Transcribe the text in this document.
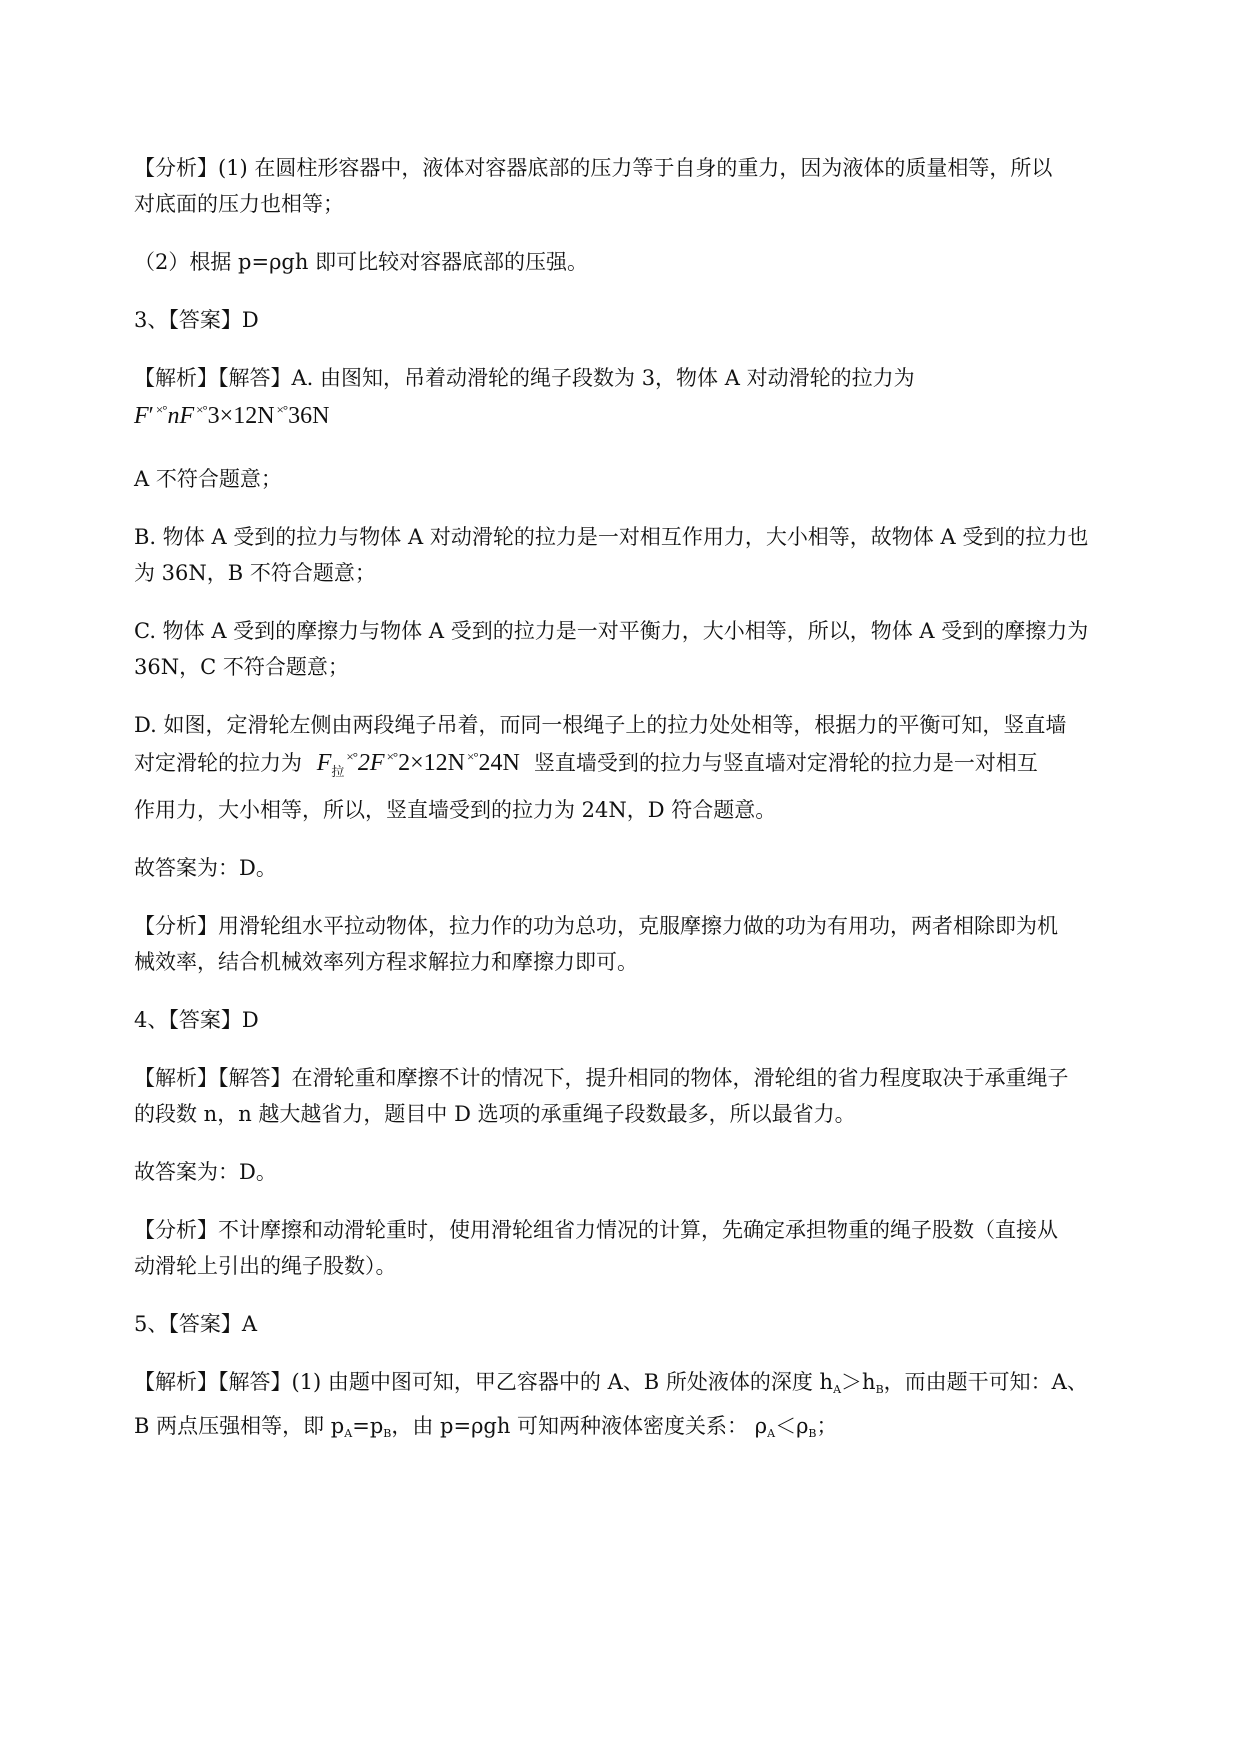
【分析】(1) 在圆柱形容器中，液体对容器底部的压力等于自身的重力，因为液体的质量相等，所以
对底面的压力也相等；

（2）根据 p=ρgh 即可比较对容器底部的压强。

3、【答案】D

【解析】【解答】A. 由图知，吊着动滑轮的绳子段数为 3，物体 A 对动滑轮的拉力为

F′ ×°nF ×°3×12N ×°36N

A 不符合题意；

B. 物体 A 受到的拉力与物体 A 对动滑轮的拉力是一对相互作用力，大小相等，故物体 A 受到的拉力也
为 36N，B 不符合题意；

C. 物体 A 受到的摩擦力与物体 A 受到的拉力是一对平衡力，大小相等，所以，物体 A 受到的摩擦力为
36N，C 不符合题意；

D. 如图，定滑轮左侧由两段绳子吊着，而同一根绳子上的拉力处处相等，根据力的平衡可知，竖直墙
对定滑轮的拉力为 $F_拉^{\times^\circ}2F$ ×°2×12N ×°24N 竖直墙受到的拉力与竖直墙对定滑轮的拉力是一对相互
作用力，大小相等，所以，竖直墙受到的拉力为 24N，D 符合题意。

故答案为：D。

【分析】用滑轮组水平拉动物体，拉力作的功为总功，克服摩擦力做的功为有用功，两者相除即为机
械效率，结合机械效率列方程求解拉力和摩擦力即可。

4、【答案】D

【解析】【解答】在滑轮重和摩擦不计的情况下，提升相同的物体，滑轮组的省力程度取决于承重绳子
的段数 n，n 越大越省力，题目中 D 选项的承重绳子段数最多，所以最省力。

故答案为：D。

【分析】不计摩擦和动滑轮重时，使用滑轮组省力情况的计算，先确定承担物重的绳子股数（直接从
动滑轮上引出的绳子股数）。

5、【答案】A

【解析】【解答】(1) 由题中图可知，甲乙容器中的 A、B 所处液体的深度 $h_A>h_B$，而由题干可知：A、
B 两点压强相等，即 $p_A=p_B$，由 p=ρgh 可知两种液体密度关系： $\rho_A<\rho_B$；
